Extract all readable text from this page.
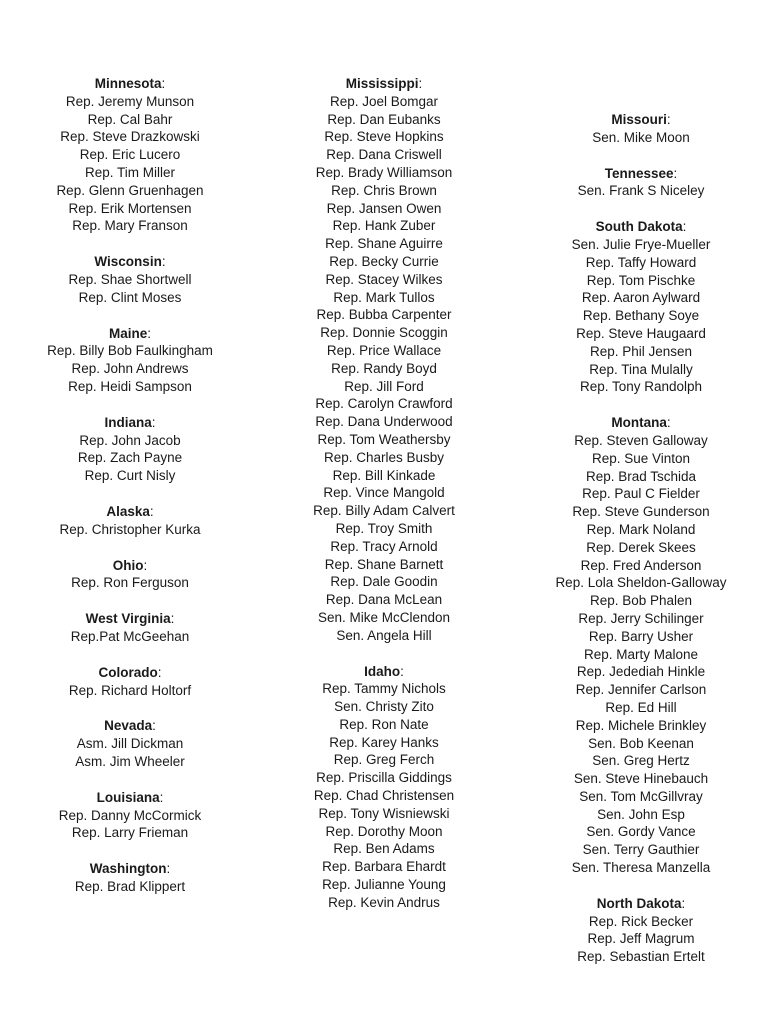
Minnesota:
Rep. Jeremy Munson
Rep. Cal Bahr
Rep. Steve Drazkowski
Rep. Eric Lucero
Rep. Tim Miller
Rep. Glenn Gruenhagen
Rep. Erik Mortensen
Rep. Mary Franson
Wisconsin:
Rep. Shae Shortwell
Rep. Clint Moses
Maine:
Rep. Billy Bob Faulkingham
Rep. John Andrews
Rep. Heidi Sampson
Indiana:
Rep. John Jacob
Rep. Zach Payne
Rep. Curt Nisly
Alaska:
Rep. Christopher Kurka
Ohio:
Rep. Ron Ferguson
West Virginia:
Rep.Pat McGeehan
Colorado:
Rep. Richard Holtorf
Nevada:
Asm. Jill Dickman
Asm. Jim Wheeler
Louisiana:
Rep. Danny McCormick
Rep. Larry Frieman
Washington:
Rep. Brad Klippert
Mississippi:
Rep. Joel Bomgar
Rep. Dan Eubanks
Rep. Steve Hopkins
Rep. Dana Criswell
Rep. Brady Williamson
Rep. Chris Brown
Rep. Jansen Owen
Rep. Hank Zuber
Rep. Shane Aguirre
Rep. Becky Currie
Rep. Stacey Wilkes
Rep. Mark Tullos
Rep. Bubba Carpenter
Rep. Donnie Scoggin
Rep. Price Wallace
Rep. Randy Boyd
Rep. Jill Ford
Rep. Carolyn Crawford
Rep. Dana Underwood
Rep. Tom Weathersby
Rep. Charles Busby
Rep. Bill Kinkade
Rep. Vince Mangold
Rep. Billy Adam Calvert
Rep. Troy Smith
Rep. Tracy Arnold
Rep. Shane Barnett
Rep. Dale Goodin
Rep. Dana McLean
Sen. Mike McClendon
Sen. Angela Hill
Idaho:
Rep. Tammy Nichols
Sen. Christy Zito
Rep. Ron Nate
Rep. Karey Hanks
Rep. Greg Ferch
Rep. Priscilla Giddings
Rep. Chad Christensen
Rep. Tony Wisniewski
Rep. Dorothy Moon
Rep. Ben Adams
Rep. Barbara Ehardt
Rep. Julianne Young
Rep. Kevin Andrus
Missouri:
Sen. Mike Moon
Tennessee:
Sen. Frank S Niceley
South Dakota:
Sen. Julie Frye-Mueller
Rep. Taffy Howard
Rep. Tom Pischke
Rep. Aaron Aylward
Rep. Bethany Soye
Rep. Steve Haugaard
Rep. Phil Jensen
Rep. Tina Mulally
Rep. Tony Randolph
Montana:
Rep. Steven Galloway
Rep. Sue Vinton
Rep. Brad Tschida
Rep. Paul C Fielder
Rep. Steve Gunderson
Rep. Mark Noland
Rep. Derek Skees
Rep. Fred Anderson
Rep. Lola Sheldon-Galloway
Rep. Bob Phalen
Rep. Jerry Schilinger
Rep. Barry Usher
Rep. Marty Malone
Rep. Jedediah Hinkle
Rep. Jennifer Carlson
Rep. Ed Hill
Rep. Michele Brinkley
Sen. Bob Keenan
Sen. Greg Hertz
Sen. Steve Hinebauch
Sen. Tom McGillvray
Sen. John Esp
Sen. Gordy Vance
Sen. Terry Gauthier
Sen. Theresa Manzella
North Dakota:
Rep. Rick Becker
Rep. Jeff Magrum
Rep. Sebastian Ertelt
